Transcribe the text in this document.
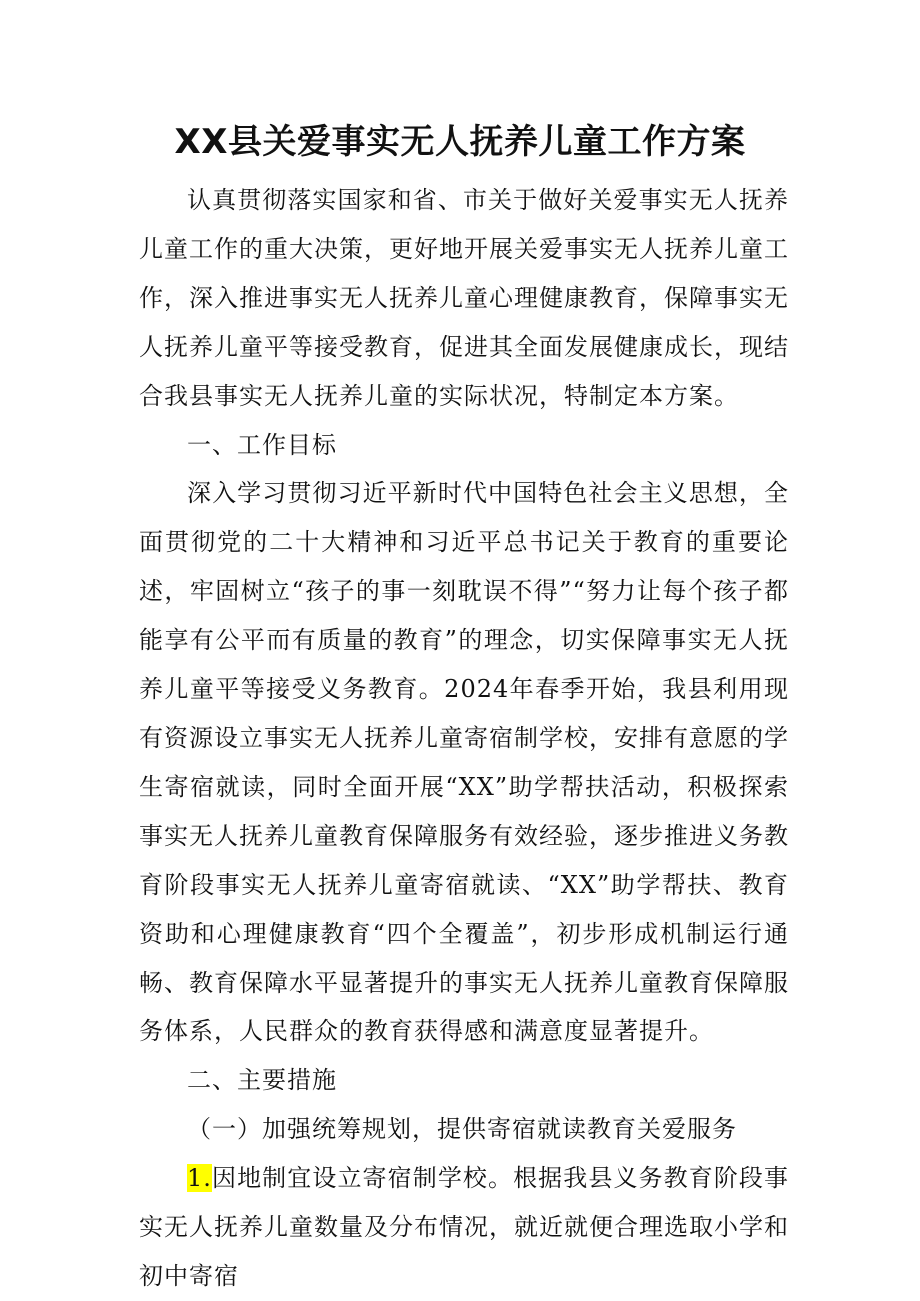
XX县关爱事实无人抚养儿童工作方案

认真贯彻落实国家和省、市关于做好关爱事实无人抚养儿童工作的重大决策，更好地开展关爱事实无人抚养儿童工作，深入推进事实无人抚养儿童心理健康教育，保障事实无人抚养儿童平等接受教育，促进其全面发展健康成长，现结合我县事实无人抚养儿童的实际状况，特制定本方案。

一、工作目标

深入学习贯彻习近平新时代中国特色社会主义思想，全面贯彻党的二十大精神和习近平总书记关于教育的重要论述，牢固树立“孩子的事一刻耽误不得”“努力让每个孩子都能享有公平而有质量的教育”的理念，切实保障事实无人抚养儿童平等接受义务教育。2024年春季开始，我县利用现有资源设立事实无人抚养儿童寄宿制学校，安排有意愿的学生寄宿就读，同时全面开展“XX”助学帮扶活动，积极探索事实无人抚养儿童教育保障服务有效经验，逐步推进义务教育阶段事实无人抚养儿童寄宿就读、“XX”助学帮扶、教育资助和心理健康教育“四个全覆盖”，初步形成机制运行通畅、教育保障水平显著提升的事实无人抚养儿童教育保障服务体系，人民群众的教育获得感和满意度显著提升。

二、主要措施

（一）加强统筹规划，提供寄宿就读教育关爱服务

1.因地制宜设立寄宿制学校。根据我县义务教育阶段事实无人抚养儿童数量及分布情况，就近就便合理选取小学和初中寄宿
